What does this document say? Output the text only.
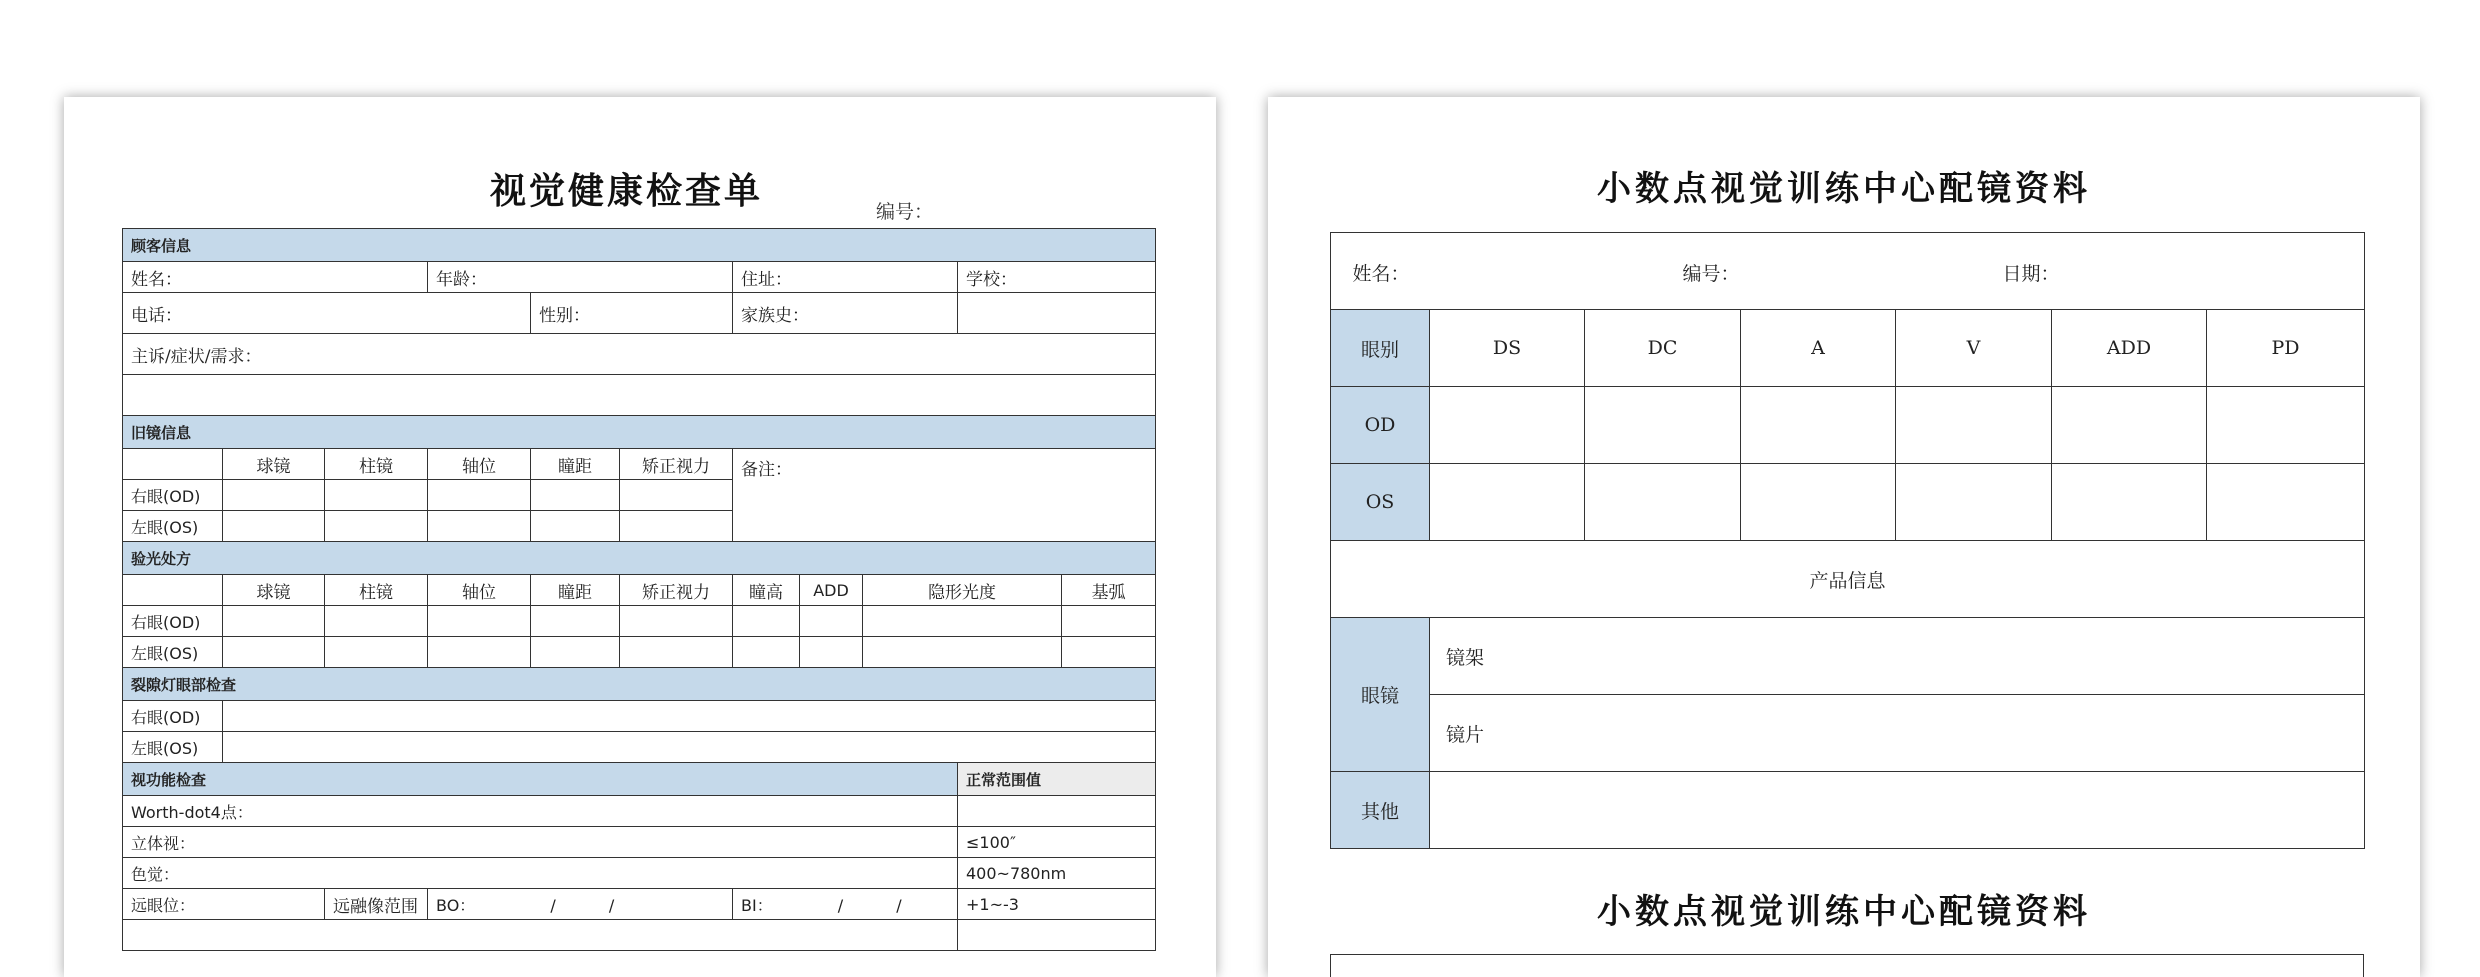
视觉健康检查单	编号：
顾客信息										
姓名：			年龄：			住址：			学校：	
电话：				性别：		家族史：				
主诉/症状/需求：										

旧镜信息										
	球镜	柱镜	轴位	瞳距	矫正视力	备注：				
右眼(OD)										
左眼(OS)										
验光处方										
	球镜	柱镜	轴位	瞳距	矫正视力	瞳高	ADD	隐形光度		基弧
右眼(OD)										
左眼(OS)										
裂隙灯眼部检查										
右眼(OD)										
左眼(OS)										
视功能检查									正常范围值	
Worth-dot4点：										
立体视：									≤100″	
色觉：									400~780nm	
远眼位：		远融像范围	BO： / /			BI： / /			+1~-3	

小数点视觉训练中心配镜资料
姓名： 编号： 日期：						

眼别	DS	DC	A	V	ADD	PD
OD						
OS						
产品信息						
眼镜	镜架					
	镜片					
其他						
小数点视觉训练中心配镜资料
